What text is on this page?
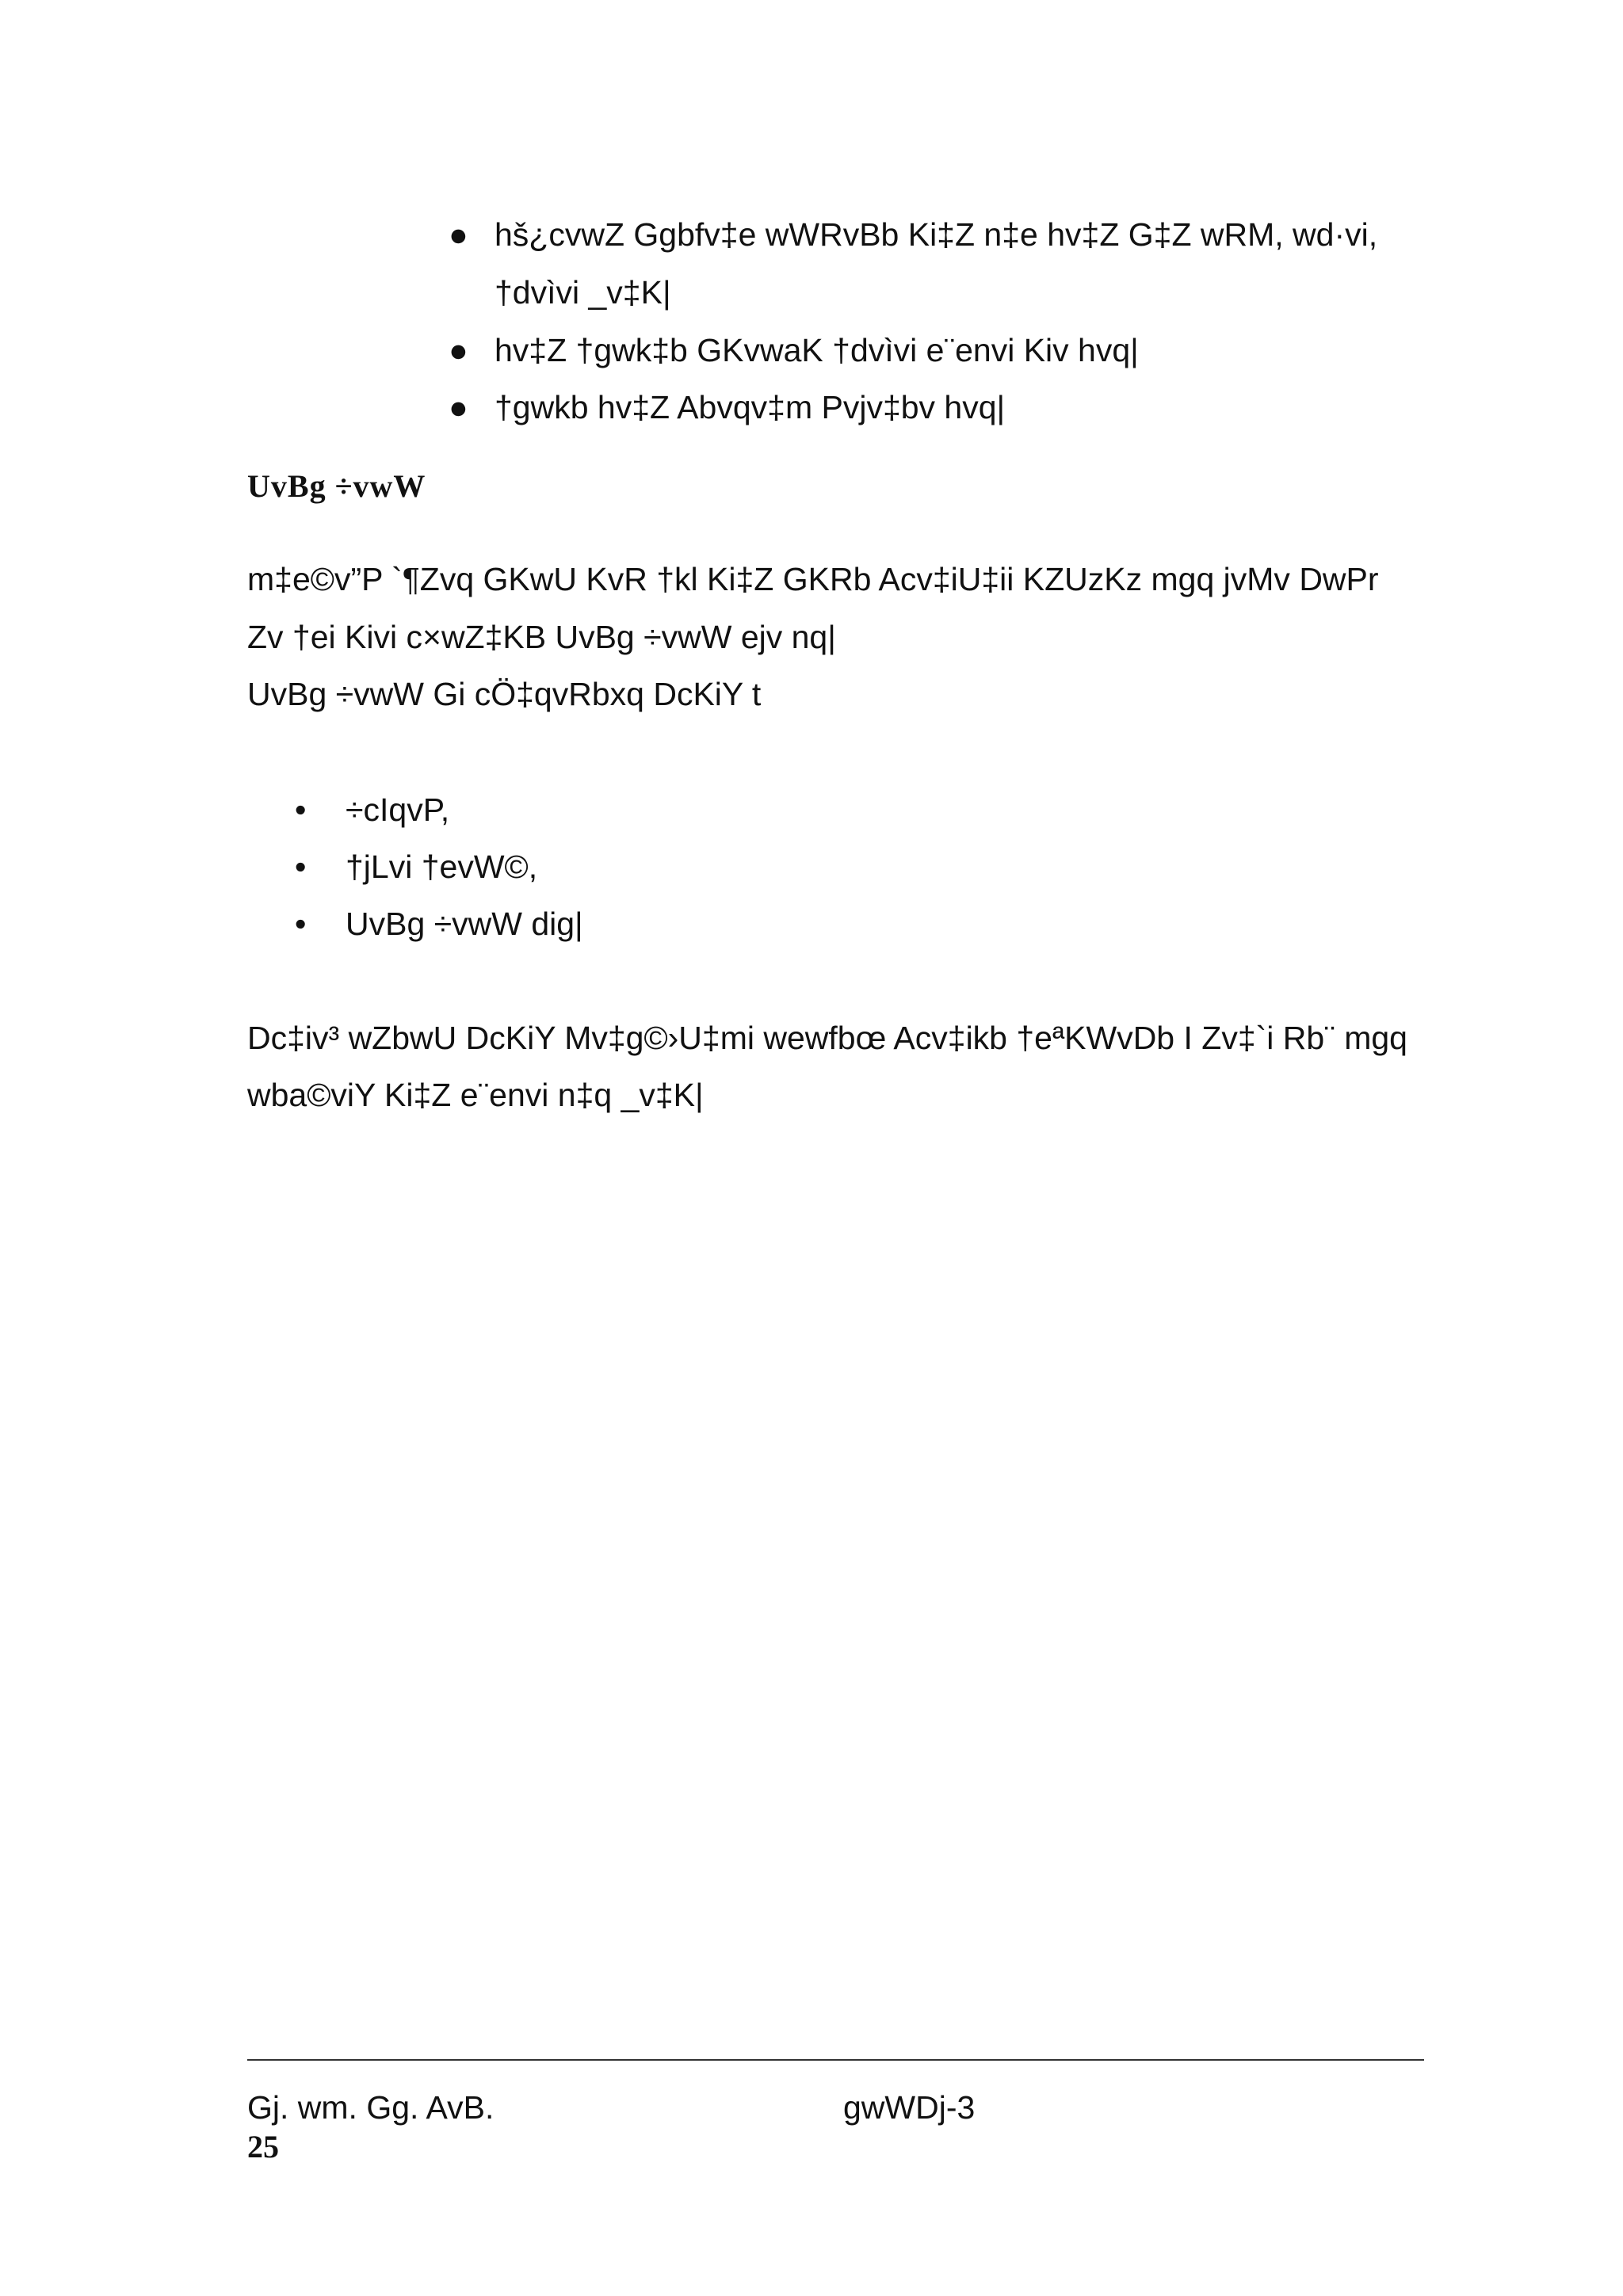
● hš¿cvwZ Ggbfv‡e wWRvBb Ki‡Z n‡e hv‡Z G‡Z wRM, wd·vi,
†dvìvi _v‡K|
● hv‡Z †gwk‡b GKvwaK †dvìvi e¨envi Kiv hvq|
● †gwkb hv‡Z Abvqv‡m Pvjv‡bv hvq|
UvBg ÷vwW
m‡e©v”P `¶Zvq GKwU KvR †kl Ki‡Z GKRb Acv‡iU‡ii KZUzKz mgq jvMv DwPr
Zv †ei Kivi c×wZ‡KB UvBg ÷vwW ejv nq|
UvBg ÷vwW Gi cÖ‡qvRbxq DcKiY t
• ÷cIqvP,
• †jLvi †evW©,
• UvBg ÷vwW dig|
Dc‡iv³ wZbwU DcKiY Mv‡g©›U‡mi wewfbœ Acv‡ikb †eªKWvDb I Zv‡`i Rb¨ mgq
wba©viY Ki‡Z e¨envi n‡q _v‡K|
Gj. wm. Gg. AvB.	gwWDj-3
25
